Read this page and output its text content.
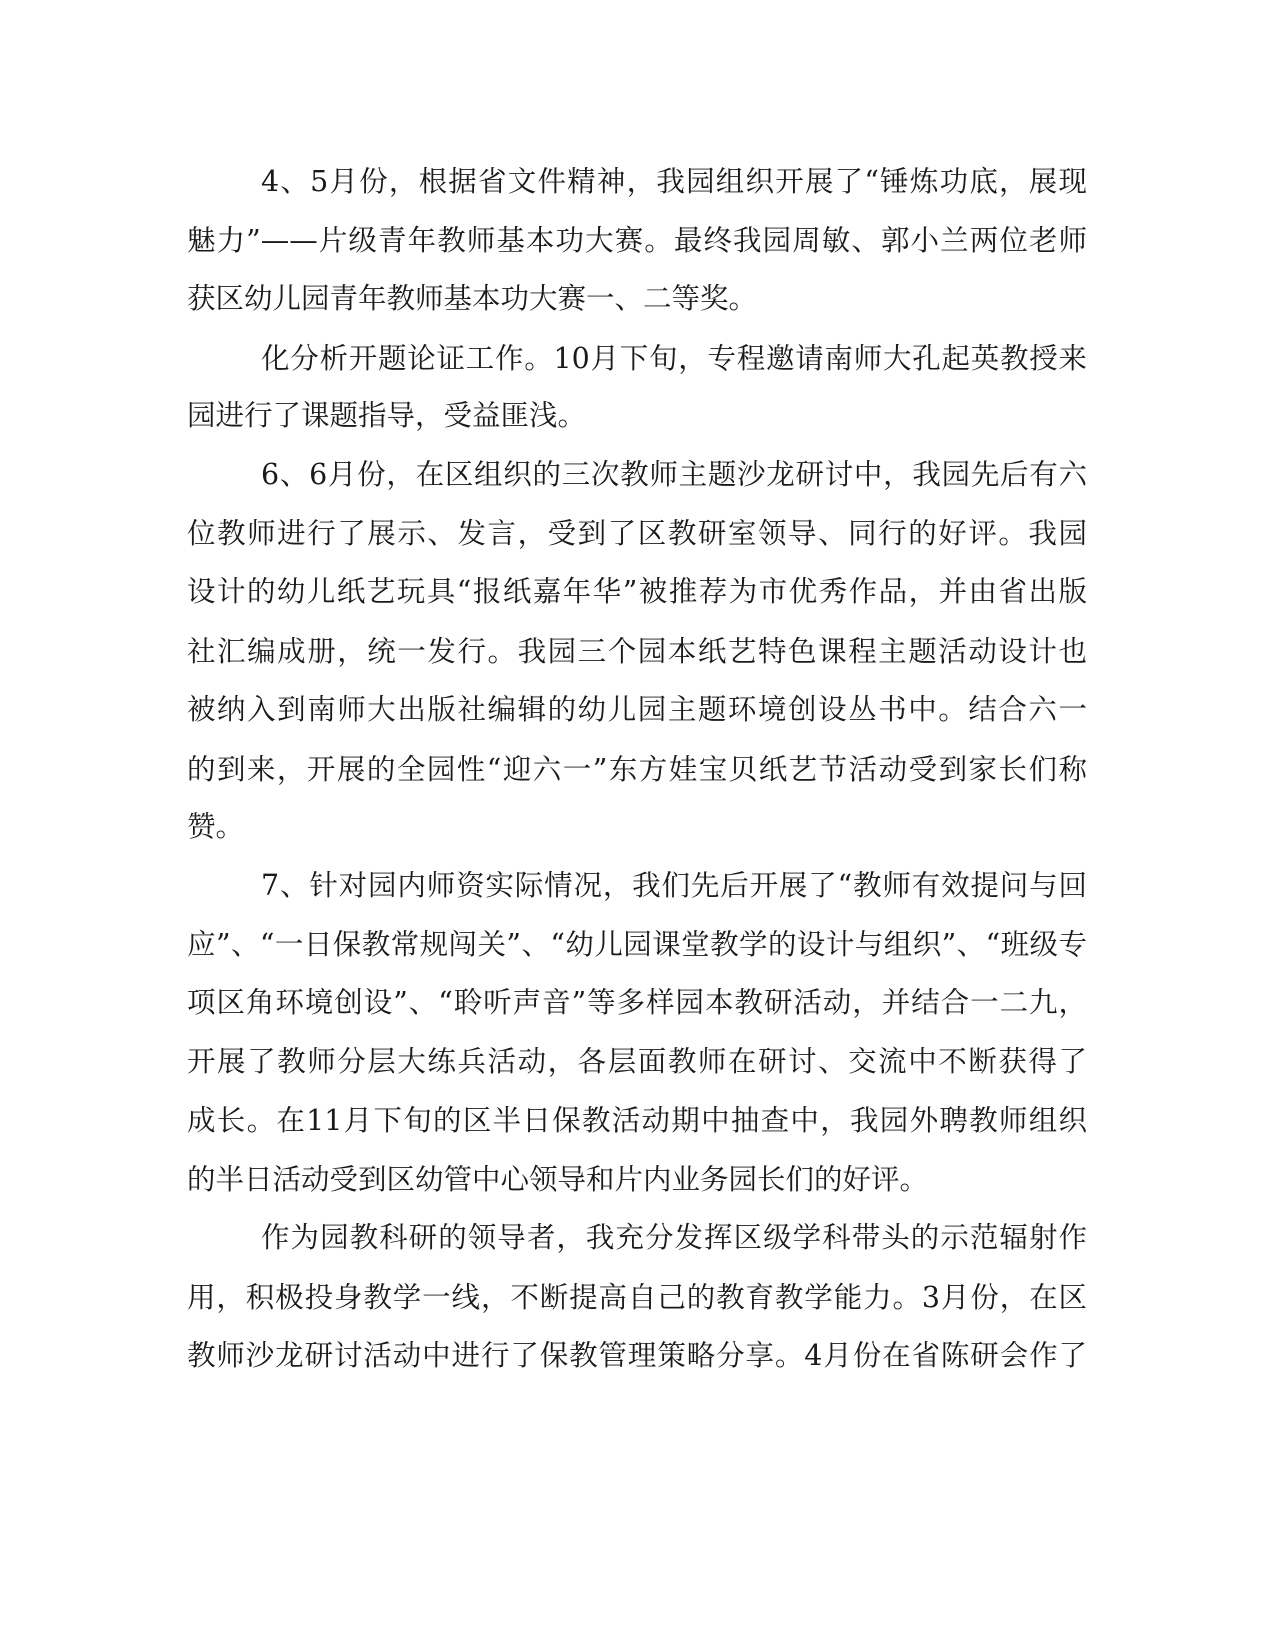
4、5月份，根据省文件精神，我园组织开展了“锤炼功底，展现
魅力”——片级青年教师基本功大赛。最终我园周敏、郭小兰两位老师
获区幼儿园青年教师基本功大赛一、二等奖。
化分析开题论证工作。10月下旬，专程邀请南师大孔起英教授来
园进行了课题指导，受益匪浅。
6、6月份，在区组织的三次教师主题沙龙研讨中，我园先后有六
位教师进行了展示、发言，受到了区教研室领导、同行的好评。我园
设计的幼儿纸艺玩具“报纸嘉年华”被推荐为市优秀作品，并由省出版
社汇编成册，统一发行。我园三个园本纸艺特色课程主题活动设计也
被纳入到南师大出版社编辑的幼儿园主题环境创设丛书中。结合六一
的到来，开展的全园性“迎六一”东方娃宝贝纸艺节活动受到家长们称
赞。
7、针对园内师资实际情况，我们先后开展了“教师有效提问与回
应”、“一日保教常规闯关”、“幼儿园课堂教学的设计与组织”、“班级专
项区角环境创设”、“聆听声音”等多样园本教研活动，并结合一二九，
开展了教师分层大练兵活动，各层面教师在研讨、交流中不断获得了
成长。在11月下旬的区半日保教活动期中抽查中，我园外聘教师组织
的半日活动受到区幼管中心领导和片内业务园长们的好评。
作为园教科研的领导者，我充分发挥区级学科带头的示范辐射作
用，积极投身教学一线，不断提高自己的教育教学能力。3月份，在区
教师沙龙研讨活动中进行了保教管理策略分享。4月份在省陈研会作了
